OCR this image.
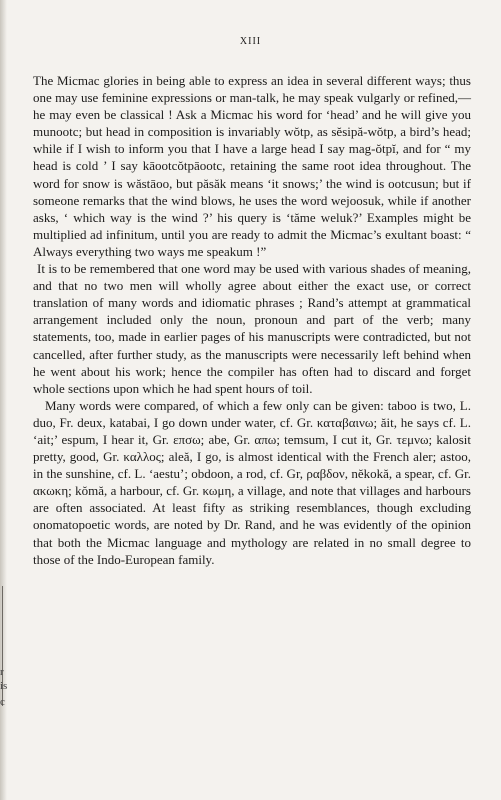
r
is
c
XIII

The Micmac glories in being able to express an idea in several different ways; thus one may use feminine expressions or man-talk, he may speak vulgarly or refined,—he may even be classical ! Ask a Micmac his word for ‘head’ and he will give you munootc; but head in composition is invariably wŏtp, as sĕsipă-wŏtp, a bird’s head; while if I wish to inform you that I have a large head I say mag-ŏtpĭ, and for “ my head is cold ’ I say kāootcŏtpāootc, retaining the same root idea throughout. The word for snow is wăstāoo, but păsăk means ‘it snows;’ the wind is ootcusun; but if someone remarks that the wind blows, he uses the word wejoosuk, while if another asks, ‘ which way is the wind ?’ his query is ‘tăme weluk?’ Examples might be multiplied ad infinitum, until you are ready to admit the Micmac’s exultant boast: “ Always everything two ways me speakum !”

It is to be remembered that one word may be used with various shades of meaning, and that no two men will wholly agree about either the exact use, or correct translation of many words and idiomatic phrases ; Rand’s attempt at grammatical arrangement included only the noun, pronoun and part of the verb; many statements, too, made in earlier pages of his manuscripts were contradicted, but not cancelled, after further study, as the manuscripts were necessarily left behind when he went about his work; hence the compiler has often had to discard and forget whole sections upon which he had spent hours of toil.

Many words were compared, of which a few only can be given: taboo is two, L. duo, Fr. deux, katabai, I go down under water, cf. Gr. καταβαινω; ăit, he says cf. L. ‘ait;’ espum, I hear it, Gr. επσω; abe, Gr. απω; temsum, I cut it, Gr. τεμνω; kalosit pretty, good, Gr. καλλος; aleă, I go, is almost identical with the French aler; astoo, in the sunshine, cf. L. ‘aestu’; obdoon, a rod, cf. Gr, ραβδον, nĕkokă, a spear, cf. Gr. ακωκη; kŏmă, a harbour, cf. Gr. κωμη, a village, and note that villages and harbours are often associated. At least fifty as striking resemblances, though excluding onomatopoetic words, are noted by Dr. Rand, and he was evidently of the opinion that both the Micmac language and mythology are related in no small degree to those of the Indo-European family.
